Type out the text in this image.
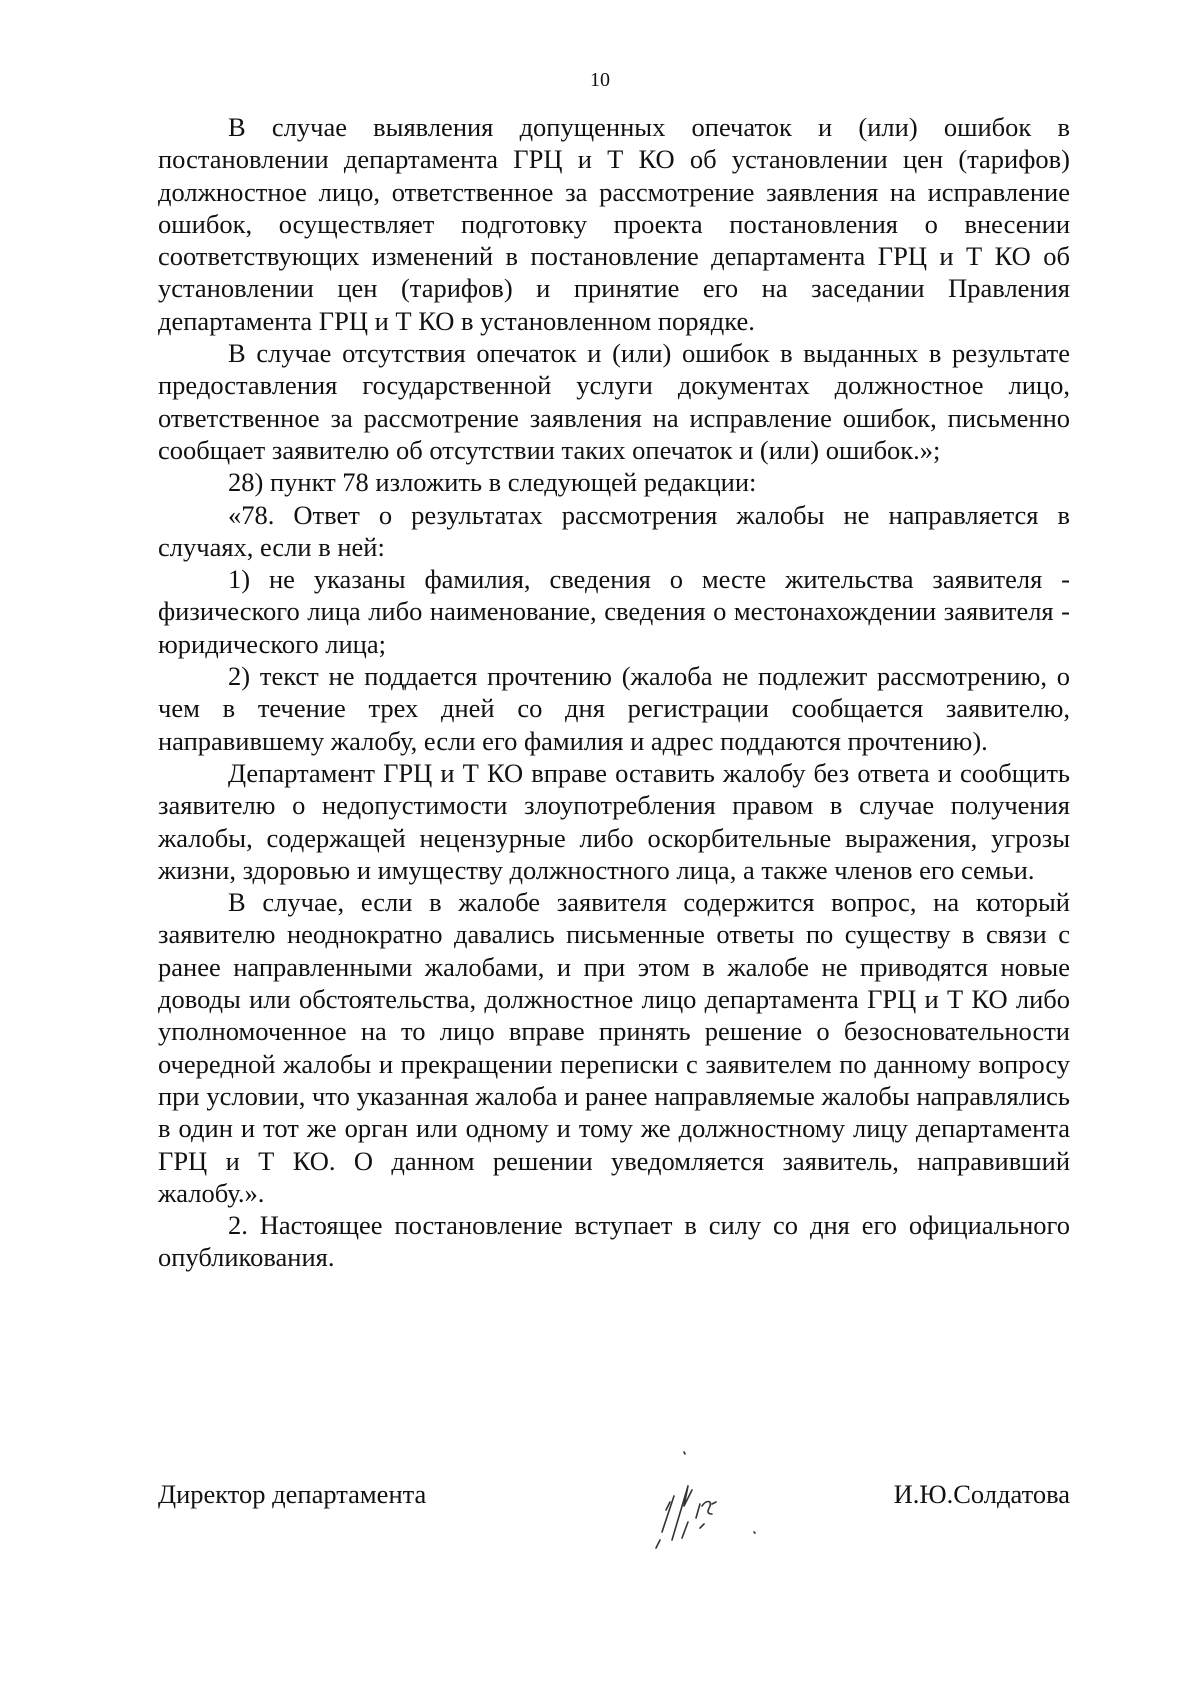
10

В случае выявления допущенных опечаток и (или) ошибок в постановлении департамента ГРЦ и Т КО об установлении цен (тарифов) должностное лицо, ответственное за рассмотрение заявления на исправление ошибок, осуществляет подготовку проекта постановления о внесении соответствующих изменений в постановление департамента ГРЦ и Т КО об установлении цен (тарифов) и принятие его на заседании Правления департамента ГРЦ и Т КО в установленном порядке.

В случае отсутствия опечаток и (или) ошибок в выданных в результате предоставления государственной услуги документах должностное лицо, ответственное за рассмотрение заявления на исправление ошибок, письменно сообщает заявителю об отсутствии таких опечаток и (или) ошибок.»;

28) пункт 78 изложить в следующей редакции:

«78. Ответ о результатах рассмотрения жалобы не направляется в случаях, если в ней:

1) не указаны фамилия, сведения о месте жительства заявителя - физического лица либо наименование, сведения о местонахождении заявителя - юридического лица;

2) текст не поддается прочтению (жалоба не подлежит рассмотрению, о чем в течение трех дней со дня регистрации сообщается заявителю, направившему жалобу, если его фамилия и адрес поддаются прочтению).

Департамент ГРЦ и Т КО вправе оставить жалобу без ответа и сообщить заявителю о недопустимости злоупотребления правом в случае получения жалобы, содержащей нецензурные либо оскорбительные выражения, угрозы жизни, здоровью и имуществу должностного лица, а также членов его семьи.

В случае, если в жалобе заявителя содержится вопрос, на который заявителю неоднократно давались письменные ответы по существу в связи с ранее направленными жалобами, и при этом в жалобе не приводятся новые доводы или обстоятельства, должностное лицо департамента ГРЦ и Т КО либо уполномоченное на то лицо вправе принять решение о безосновательности очередной жалобы и прекращении переписки с заявителем по данному вопросу при условии, что указанная жалоба и ранее направляемые жалобы направлялись в один и тот же орган или одному и тому же должностному лицу департамента ГРЦ и Т КО. О данном решении уведомляется заявитель, направивший жалобу.».

2. Настоящее постановление вступает в силу со дня его официального опубликования.

Директор департамента	И.Ю.Солдатова
